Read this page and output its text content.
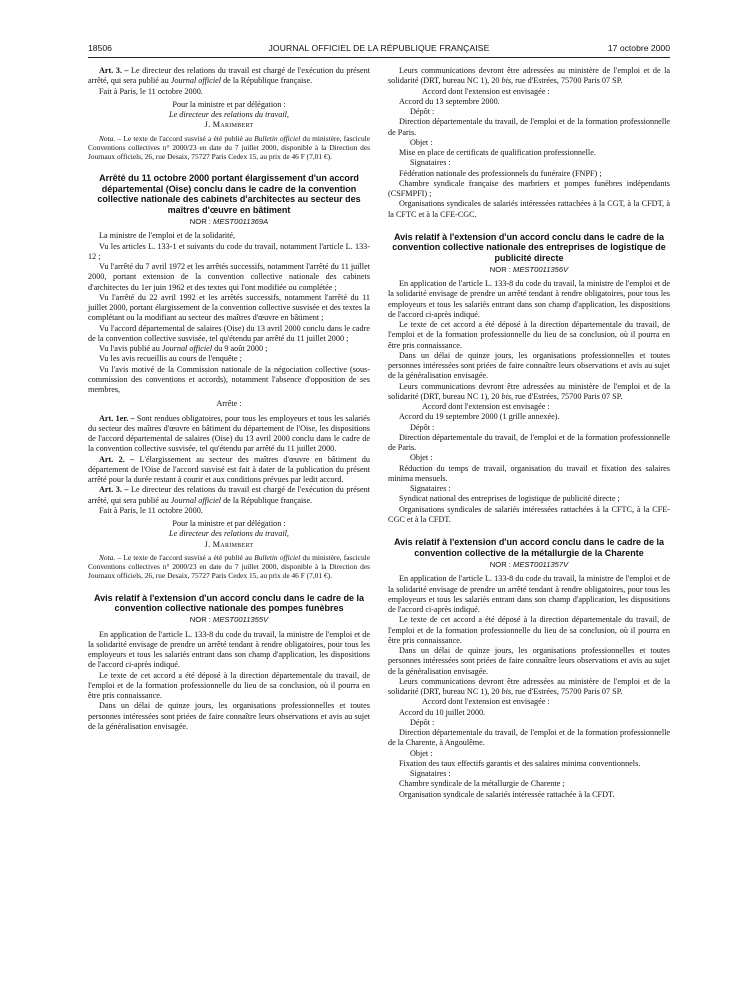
18506	JOURNAL OFFICIEL DE LA RÉPUBLIQUE FRANÇAISE	17 octobre 2000

Art. 3. – Le directeur des relations du travail est chargé de l'exécution du présent arrêté, qui sera publié au Journal officiel de la République française.

Fait à Paris, le 11 octobre 2000.

Pour la ministre et par délégation :

Le directeur des relations du travail,

J. Marimbert

Nota. – Le texte de l'accord susvisé a été publié au Bulletin officiel du ministère, fascicule Conventions collectives n° 2000/23 en date du 7 juillet 2000, disponible à la Direction des Journaux officiels, 26, rue Desaix, 75727 Paris Cedex 15, au prix de 46 F (7,01 €).

Arrêté du 11 octobre 2000 portant élargissement d'un accord départemental (Oise) conclu dans le cadre de la convention collective nationale des cabinets d'architectes au secteur des maîtres d'œuvre en bâtiment
NOR : MEST0011369A

La ministre de l'emploi et de la solidarité,

Vu les articles L. 133-1 et suivants du code du travail, notamment l'article L. 133-12 ;

Vu l'arrêté du 7 avril 1972 et les arrêtés successifs, notamment l'arrêté du 11 juillet 2000, portant extension de la convention collective nationale des cabinets d'architectes du 1er juin 1962 et des textes qui l'ont modifiée ou complétée ;

Vu l'arrêté du 22 avril 1992 et les arrêtés successifs, notamment l'arrêté du 11 juillet 2000, portant élargissement de la convention collective susvisée et des textes la complétant ou la modifiant au secteur des maîtres d'œuvre en bâtiment ;

Vu l'accord départemental de salaires (Oise) du 13 avril 2000 conclu dans le cadre de la convention collective susvisée, tel qu'étendu par arrêté du 11 juillet 2000 ;

Vu l'avis publié au Journal officiel du 9 août 2000 ;

Vu les avis recueillis au cours de l'enquête ;

Vu l'avis motivé de la Commission nationale de la négociation collective (sous-commission des conventions et accords), notamment l'absence d'opposition de ses membres,

Arrête :

Art. 1er. – Sont rendues obligatoires, pour tous les employeurs et tous les salariés du secteur des maîtres d'œuvre en bâtiment du département de l'Oise, les dispositions de l'accord départemental de salaires (Oise) du 13 avril 2000 conclu dans le cadre de la convention collective susvisée, tel qu'étendu par arrêté du 11 juillet 2000.

Art. 2. – L'élargissement au secteur des maîtres d'œuvre en bâtiment du département de l'Oise de l'accord susvisé est fait à dater de la publication du présent arrêté pour la durée restant à courir et aux conditions prévues par ledit accord.

Art. 3. – Le directeur des relations du travail est chargé de l'exécution du présent arrêté, qui sera publié au Journal officiel de la République française.

Fait à Paris, le 11 octobre 2000.

Pour la ministre et par délégation :

Le directeur des relations du travail,

J. Marimbert

Nota. – Le texte de l'accord susvisé a été publié au Bulletin officiel du ministère, fascicule Conventions collectives n° 2000/23 en date du 7 juillet 2000, disponible à la Direction des Journaux officiels, 26, rue Desaix, 75727 Paris Cedex 15, au prix de 46 F (7,01 €).

Avis relatif à l'extension d'un accord conclu dans le cadre de la convention collective nationale des pompes funèbres
NOR : MEST0011355V

En application de l'article L. 133-8 du code du travail, la ministre de l'emploi et de la solidarité envisage de prendre un arrêté tendant à rendre obligatoires, pour tous les employeurs et tous les salariés entrant dans son champ d'application, les dispositions de l'accord ci-après indiqué.

Le texte de cet accord a été déposé à la direction départementale du travail, de l'emploi et de la formation professionnelle du lieu de sa conclusion, où il pourra en être pris connaissance.

Dans un délai de quinze jours, les organisations professionnelles et toutes personnes intéressées sont priées de faire connaître leurs observations et avis au sujet de la généralisation envisagée.

Leurs communications devront être adressées au ministère de l'emploi et de la solidarité (DRT, bureau NC 1), 20 bis, rue d'Estrées, 75700 Paris 07 SP.

Accord dont l'extension est envisagée :

Accord du 13 septembre 2000.

Dépôt :

Direction départementale du travail, de l'emploi et de la formation professionnelle de Paris.

Objet :

Mise en place de certificats de qualification professionnelle.

Signataires :

Fédération nationale des professionnels du funéraire (FNPF) ;

Chambre syndicale française des marbriers et pompes funèbres indépendants (CSFMPFI) ;

Organisations syndicales de salariés intéressées rattachées à la CGT, à la CFDT, à la CFTC et à la CFE-CGC.

Avis relatif à l'extension d'un accord conclu dans le cadre de la convention collective nationale des entreprises de logistique de publicité directe
NOR : MEST0011356V

En application de l'article L. 133-8 du code du travail, la ministre de l'emploi et de la solidarité envisage de prendre un arrêté tendant à rendre obligatoires, pour tous les employeurs et tous les salariés entrant dans son champ d'application, les dispositions de l'accord ci-après indiqué.

Le texte de cet accord a été déposé à la direction départementale du travail, de l'emploi et de la formation professionnelle du lieu de sa conclusion, où il pourra en être pris connaissance.

Dans un délai de quinze jours, les organisations professionnelles et toutes personnes intéressées sont priées de faire connaître leurs observations et avis au sujet de la généralisation envisagée.

Leurs communications devront être adressées au ministère de l'emploi et de la solidarité (DRT, bureau NC 1), 20 bis, rue d'Estrées, 75700 Paris 07 SP.

Accord dont l'extension est envisagée :

Accord du 19 septembre 2000 (1 grille annexée).

Dépôt :

Direction départementale du travail, de l'emploi et de la formation professionnelle de Paris.

Objet :

Réduction du temps de travail, organisation du travail et fixation des salaires minima mensuels.

Signataires :

Syndicat national des entreprises de logistique de publicité directe ;

Organisations syndicales de salariés intéressées rattachées à la CFTC, à la CFE-CGC et à la CFDT.

Avis relatif à l'extension d'un accord conclu dans le cadre de la convention collective de la métallurgie de la Charente
NOR : MEST0011357V

En application de l'article L. 133-8 du code du travail, la ministre de l'emploi et de la solidarité envisage de prendre un arrêté tendant à rendre obligatoires, pour tous les employeurs et tous les salariés entrant dans son champ d'application, les dispositions de l'accord ci-après indiqué.

Le texte de cet accord a été déposé à la direction départementale du travail, de l'emploi et de la formation professionnelle du lieu de sa conclusion, où il pourra en être pris connaissance.

Dans un délai de quinze jours, les organisations professionnelles et toutes personnes intéressées sont priées de faire connaître leurs observations et avis au sujet de la généralisation envisagée.

Leurs communications devront être adressées au ministère de l'emploi et de la solidarité (DRT, bureau NC 1), 20 bis, rue d'Estrées, 75700 Paris 07 SP.

Accord dont l'extension est envisagée :

Accord du 10 juillet 2000.

Dépôt :

Direction départementale du travail, de l'emploi et de la formation professionnelle de la Charente, à Angoulême.

Objet :

Fixation des taux effectifs garantis et des salaires minima conventionnels.

Signataires :

Chambre syndicale de la métallurgie de Charente ;

Organisation syndicale de salariés intéressée rattachée à la CFDT.
